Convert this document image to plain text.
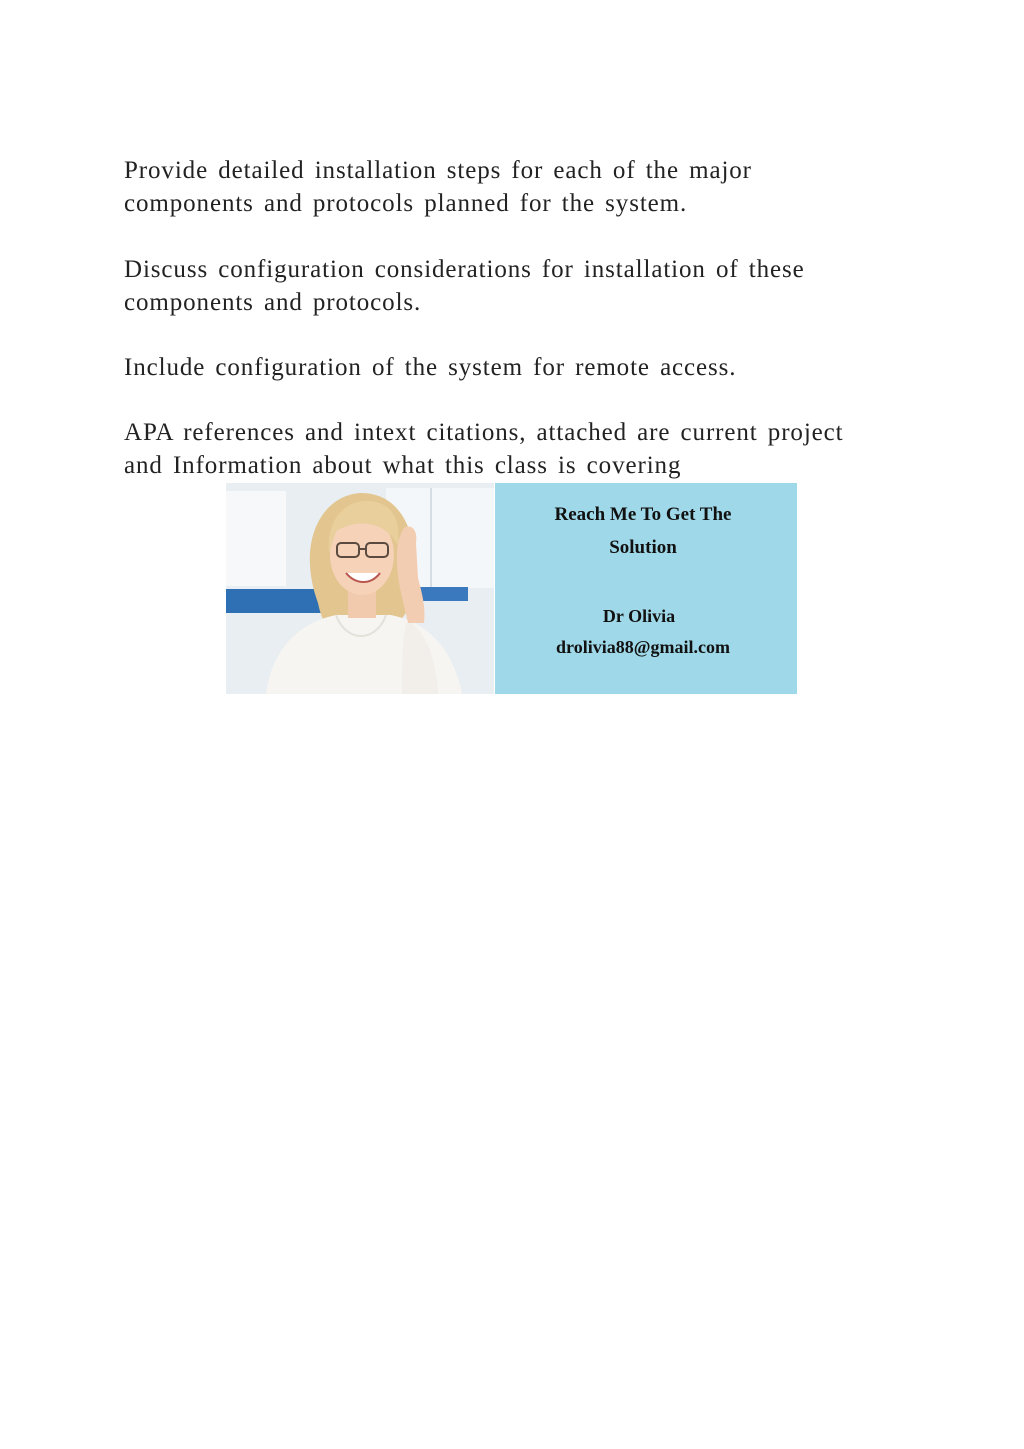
Provide detailed installation steps for each of the major
components and protocols planned for the system.

Discuss configuration considerations for installation of these
components and protocols.

Include configuration of the system for remote access.

APA references and intext citations, attached are current project
and Information about what this class is covering

Reach Me To Get The
Solution
Dr Olivia
drolivia88@gmail.com
